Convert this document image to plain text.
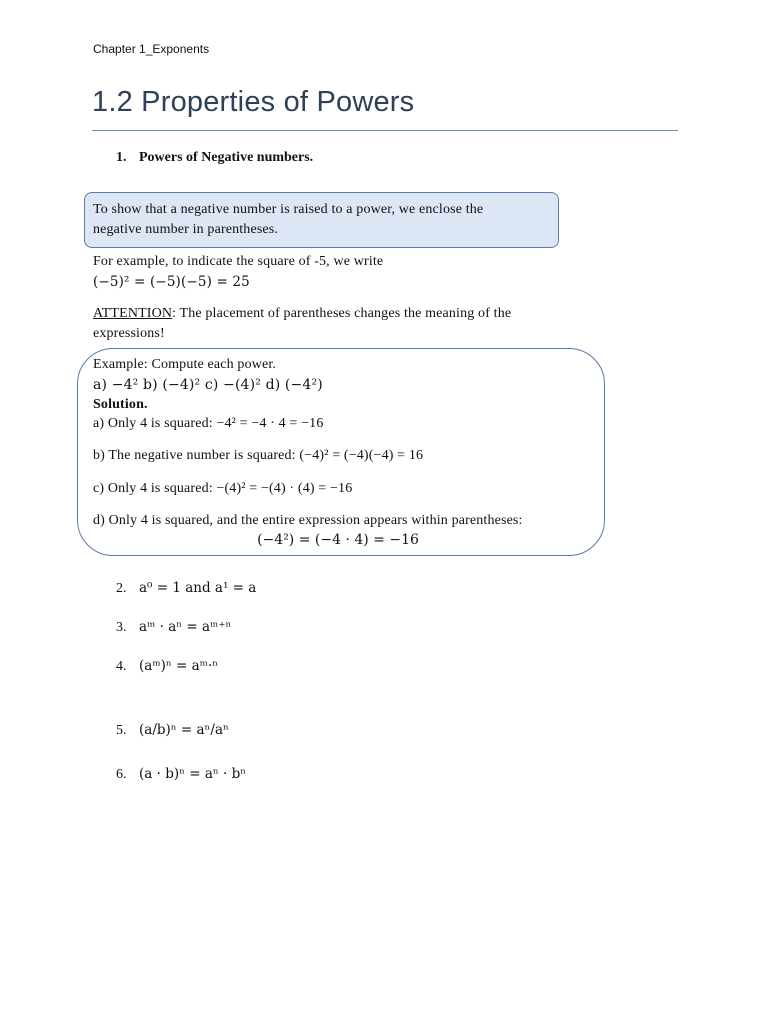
Chapter 1_Exponents
1.2 Properties of Powers
1. Powers of Negative numbers.
To show that a negative number is raised to a power, we enclose the
negative number in parentheses.
For example, to indicate the square of -5, we write
(−5)² = (−5)(−5) = 25
ATTENTION: The placement of parentheses changes the meaning of the
expressions!
Example: Compute each power.
a) −4² b) (−4)² c) −(4)² d) (−4²)
Solution.
a) Only 4 is squared: −4² = −4 · 4 = −16
b) The negative number is squared: (−4)² = (−4)(−4) = 16
c) Only 4 is squared: −(4)² = −(4) · (4) = −16
d) Only 4 is squared, and the entire expression appears within parentheses:
(−4²) = (−4 · 4) = −16
2. a⁰ = 1 and a¹ = a
3. aᵐ · aⁿ = aᵐ⁺ⁿ
4. (aᵐ)ⁿ = aᵐ·ⁿ
5. (a/b)ⁿ = aⁿ/aⁿ
6. (a · b)ⁿ = aⁿ · bⁿ
